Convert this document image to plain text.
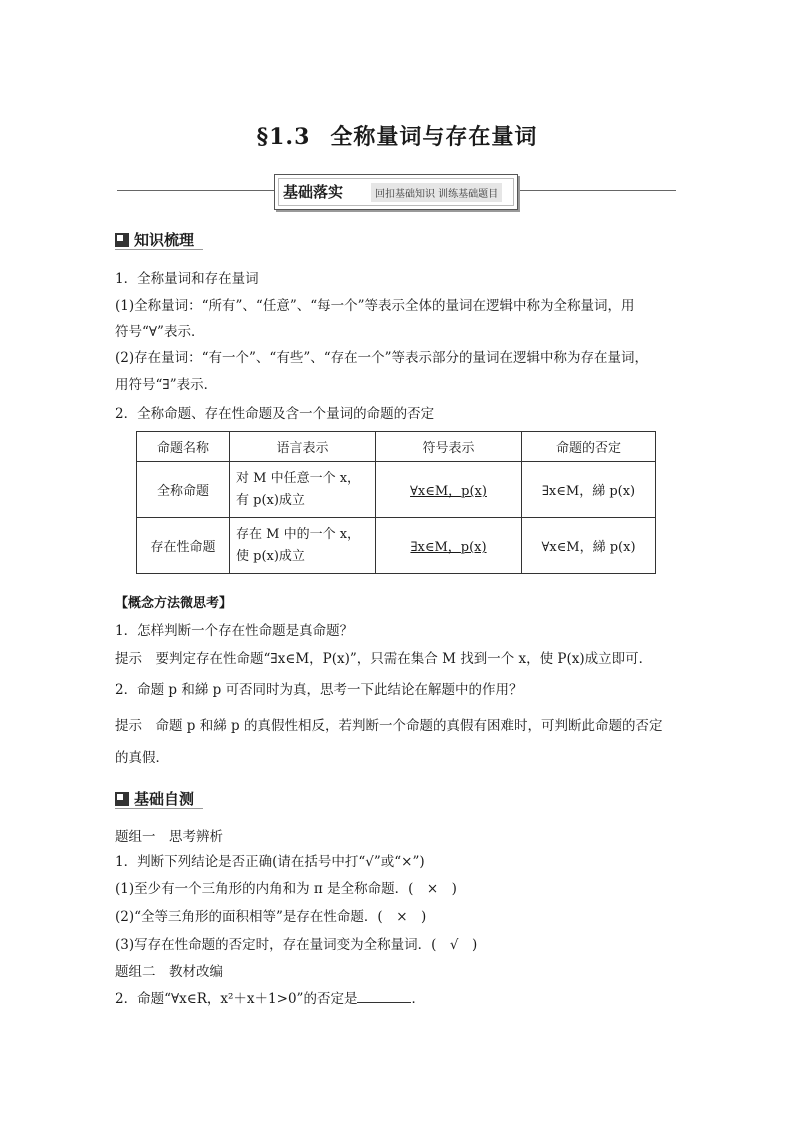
§1.3 全称量词与存在量词
基础落实	回扣基础知识 训练基础题目
知识梳理
1．全称量词和存在量词
(1)全称量词：“所有”、“任意”、“每一个”等表示全体的量词在逻辑中称为全称量词，用
符号“∀”表示．
(2)存在量词：“有一个”、“有些”、“存在一个”等表示部分的量词在逻辑中称为存在量词，
用符号“∃”表示．
2．全称命题、存在性命题及含一个量词的命题的否定
命题名称	语言表示	符号表示	命题的否定
全称命题	对 M 中任意一个 x，
有 p(x)成立	∀x∈M，p(x)	∃x∈M，綈 p(x)
存在性命题	存在 M 中的一个 x，
使 p(x)成立	∃x∈M，p(x)	∀x∈M，綈 p(x)
【概念方法微思考】
1．怎样判断一个存在性命题是真命题？
提示　要判定存在性命题“∃x∈M，P(x)”，只需在集合 M 找到一个 x，使 P(x)成立即可．
2．命题 p 和綈 p 可否同时为真，思考一下此结论在解题中的作用？
提示　命题 p 和綈 p 的真假性相反，若判断一个命题的真假有困难时，可判断此命题的否定
的真假．
基础自测
题组一　思考辨析
1．判断下列结论是否正确(请在括号中打“√”或“×”)
(1)至少有一个三角形的内角和为 π 是全称命题．(　×　)
(2)“全等三角形的面积相等”是存在性命题．(　×　)
(3)写存在性命题的否定时，存在量词变为全称量词．(　√　)
题组二　教材改编
2．命题“∀x∈R，x²＋x＋1>0”的否定是	．
